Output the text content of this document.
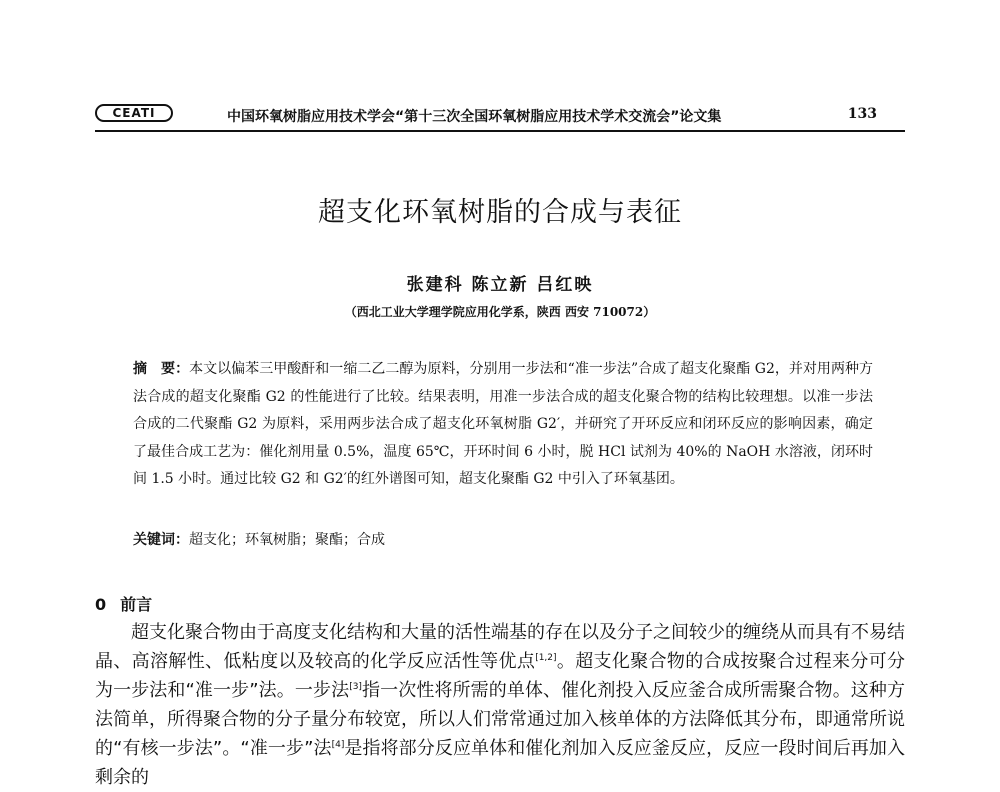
CEATI	中国环氧树脂应用技术学会“第十三次全国环氧树脂应用技术学术交流会”论文集	133
超支化环氧树脂的合成与表征
张建科 陈立新 吕红映
（西北工业大学理学院应用化学系，陕西 西安 710072）
摘　要：本文以偏苯三甲酸酐和一缩二乙二醇为原料，分别用一步法和“准一步法”合成了超支化聚酯 G2，并对用两种方法合成的超支化聚酯 G2 的性能进行了比较。结果表明，用准一步法合成的超支化聚合物的结构比较理想。以准一步法合成的二代聚酯 G2 为原料，采用两步法合成了超支化环氧树脂 G2′，并研究了开环反应和闭环反应的影响因素，确定了最佳合成工艺为：催化剂用量 0.5%，温度 65℃，开环时间 6 小时，脱 HCl 试剂为 40%的 NaOH 水溶液，闭环时间 1.5 小时。通过比较 G2 和 G2′的红外谱图可知，超支化聚酯 G2 中引入了环氧基团。
关键词：超支化；环氧树脂；聚酯；合成
0 前言

超支化聚合物由于高度支化结构和大量的活性端基的存在以及分子之间较少的缠绕从而具有不易结晶、高溶解性、低粘度以及较高的化学反应活性等优点[1,2]。超支化聚合物的合成按聚合过程来分可分为一步法和“准一步”法。一步法[3]指一次性将所需的单体、催化剂投入反应釜合成所需聚合物。这种方法简单，所得聚合物的分子量分布较宽，所以人们常常通过加入核单体的方法降低其分布，即通常所说的“有核一步法”。“准一步”法[4]是指将部分反应单体和催化剂加入反应釜反应，反应一段时间后再加入剩余的
